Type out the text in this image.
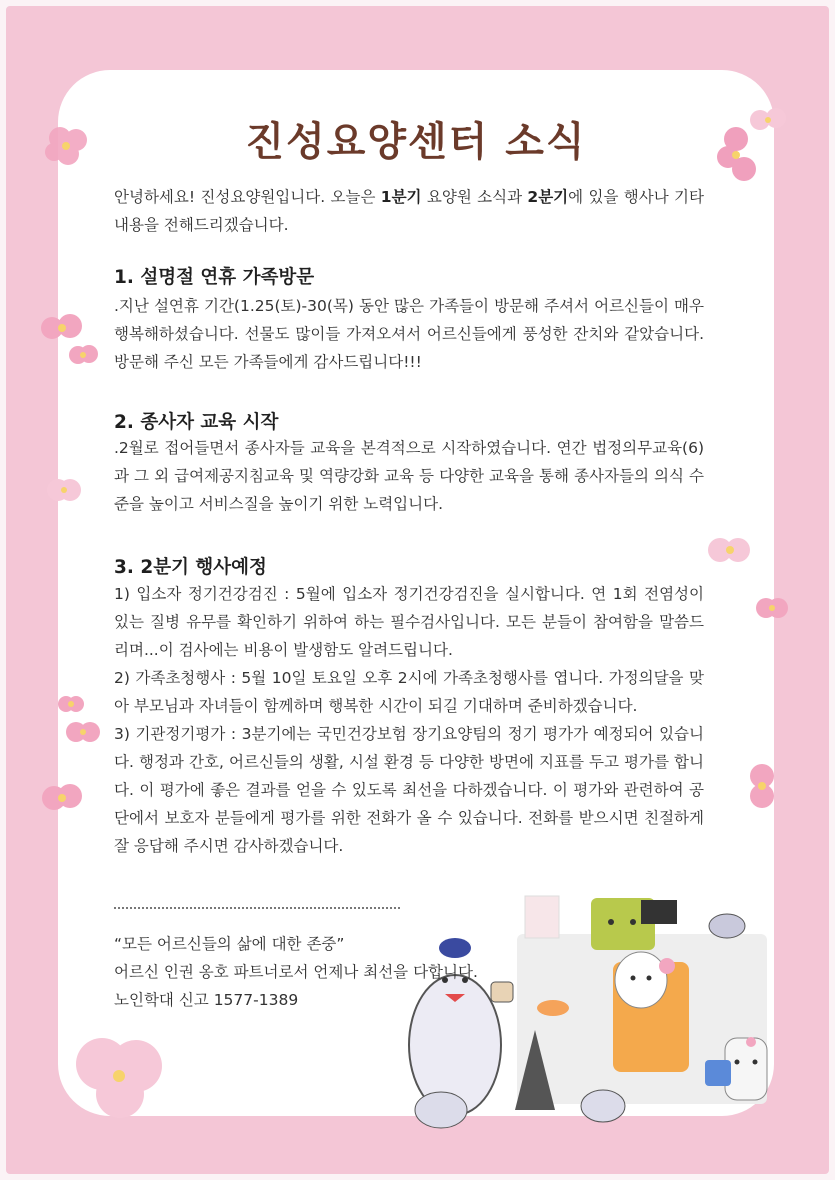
진성요양센터 소식

안녕하세요! 진성요양원입니다. 오늘은 1분기 요양원 소식과 2분기에 있을 행사나 기타 내용을 전해드리겠습니다.

1. 설명절 연휴 가족방문

.지난 설연휴 기간(1.25(토)-30(목) 동안 많은 가족들이 방문해 주셔서 어르신들이 매우 행복해하셨습니다. 선물도 많이들 가져오셔서 어르신들에게 풍성한 잔치와 같았습니다. 방문해 주신 모든 가족들에게 감사드립니다!!!

2. 종사자 교육 시작

.2월로 접어들면서 종사자들 교육을 본격적으로 시작하였습니다. 연간 법정의무교육(6)과 그 외 급여제공지침교육 및 역량강화 교육 등 다양한 교육을 통해 종사자들의 의식 수준을 높이고 서비스질을 높이기 위한 노력입니다.

3. 2분기 행사예정

1) 입소자 정기건강검진 : 5월에 입소자 정기건강검진을 실시합니다. 연 1회 전염성이 있는 질병 유무를 확인하기 위하여 하는 필수검사입니다. 모든 분들이 참여함을 말씀드리며...이 검사에는 비용이 발생함도 알려드립니다.

2) 가족초청행사 : 5월 10일 토요일 오후 2시에 가족초청행사를 엽니다. 가정의달을 맞아 부모님과 자녀들이 함께하며 행복한 시간이 되길 기대하며 준비하겠습니다.

3) 기관정기평가 : 3분기에는 국민건강보험 장기요양팀의 정기 평가가 예정되어 있습니다. 행정과 간호, 어르신들의 생활, 시설 환경 등 다양한 방면에 지표를 두고 평가를 합니다. 이 평가에 좋은 결과를 얻을 수 있도록 최선을 다하겠습니다. 이 평가와 관련하여 공단에서 보호자 분들에게 평가를 위한 전화가 올 수 있습니다. 전화를 받으시면 친절하게 잘 응답해 주시면 감사하겠습니다.

“모든 어르신들의 삶에 대한 존중”

어르신 인권 옹호 파트너로서 언제나 최선을 다합니다.

노인학대 신고 1577-1389
